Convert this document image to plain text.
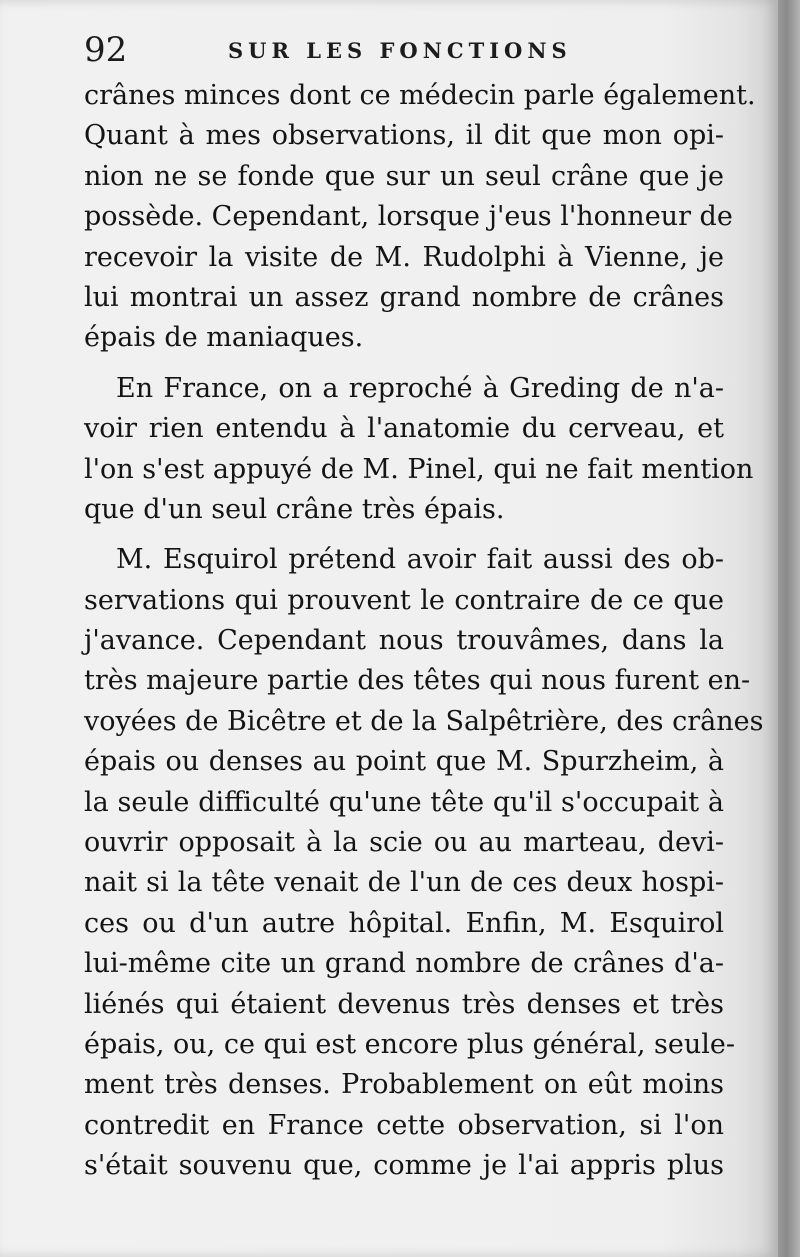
92	SUR LES FONCTIONS

crânes minces dont ce médecin parle également.
Quant à mes observations, il dit que mon opi-
nion ne se fonde que sur un seul crâne que je
possède. Cependant, lorsque j'eus l'honneur de
recevoir la visite de M. Rudolphi à Vienne, je
lui montrai un assez grand nombre de crânes
épais de maniaques.

En France, on a reproché à Greding de n'a-
voir rien entendu à l'anatomie du cerveau, et
l'on s'est appuyé de M. Pinel, qui ne fait mention
que d'un seul crâne très épais.

M. Esquirol prétend avoir fait aussi des ob-
servations qui prouvent le contraire de ce que
j'avance. Cependant nous trouvâmes, dans la
très majeure partie des têtes qui nous furent en-
voyées de Bicêtre et de la Salpêtrière, des crânes
épais ou denses au point que M. Spurzheim, à
la seule difficulté qu'une tête qu'il s'occupait à
ouvrir opposait à la scie ou au marteau, devi-
nait si la tête venait de l'un de ces deux hospi-
ces ou d'un autre hôpital. Enfin, M. Esquirol
lui-même cite un grand nombre de crânes d'a-
liénés qui étaient devenus très denses et très
épais, ou, ce qui est encore plus général, seule-
ment très denses. Probablement on eût moins
contredit en France cette observation, si l'on
s'était souvenu que, comme je l'ai appris plus
